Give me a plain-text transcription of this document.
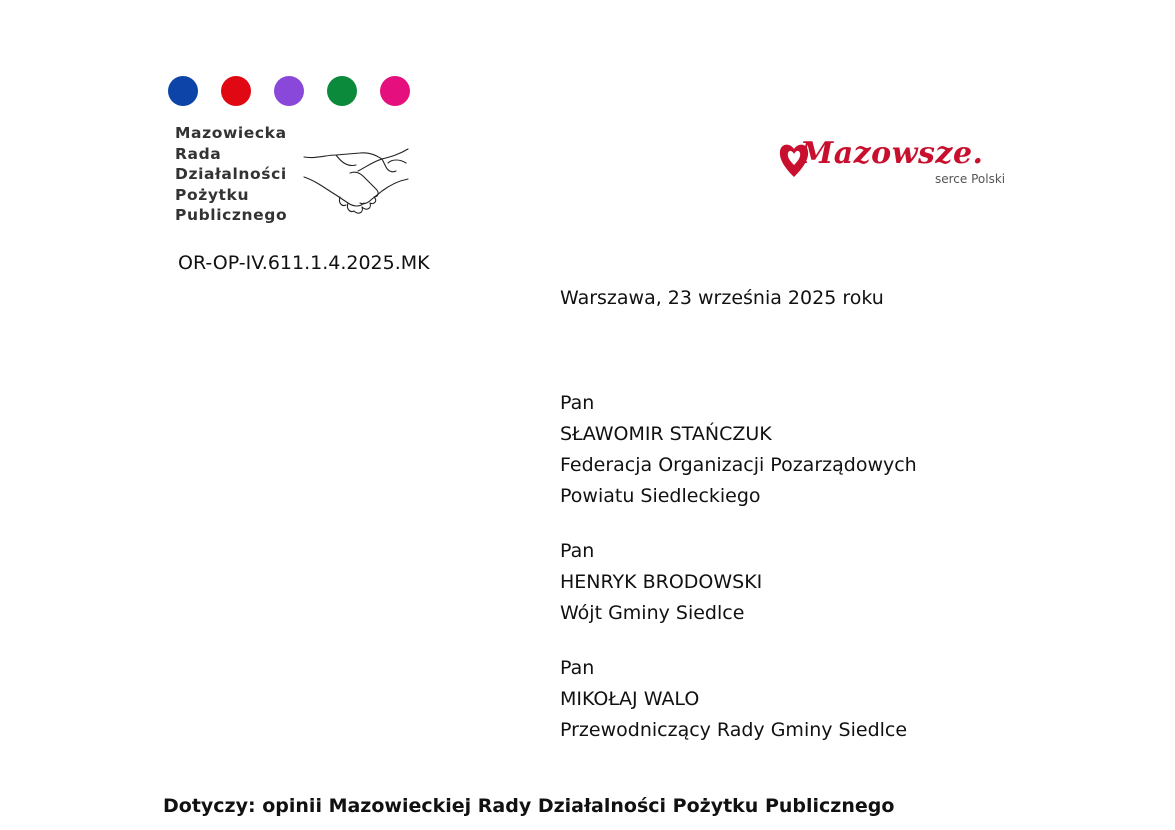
Mazowiecka
Rada
Działalności
Pożytku
Publicznego
Mazowsze.
serce Polski
OR-OP-IV.611.1.4.2025.MK
Warszawa, 23 września 2025 roku
Pan
SŁAWOMIR STAŃCZUK
Federacja Organizacji Pozarządowych
Powiatu Siedleckiego
Pan
HENRYK BRODOWSKI
Wójt Gminy Siedlce
Pan
MIKOŁAJ WALO
Przewodniczący Rady Gminy Siedlce
Dotyczy: opinii Mazowieckiej Rady Działalności Pożytku Publicznego
